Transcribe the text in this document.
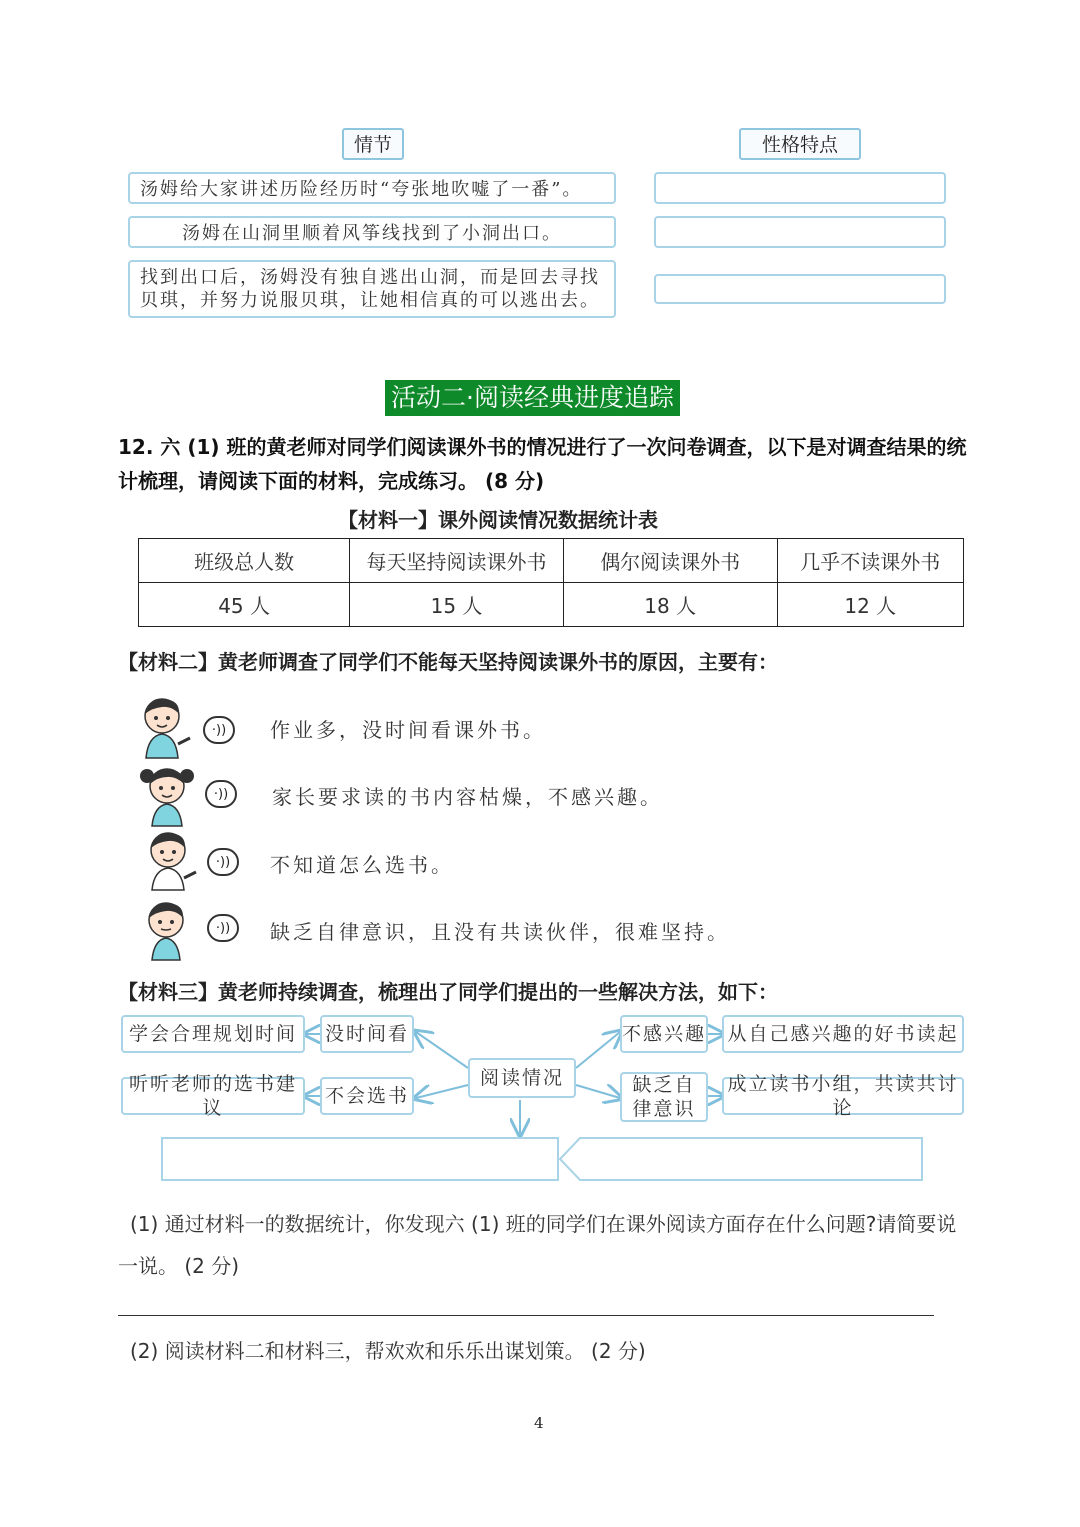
情节	性格特点
汤姆给大家讲述历险经历时“夸张地吹嘘了一番”。
汤姆在山洞里顺着风筝线找到了小洞出口。
找到出口后，汤姆没有独自逃出山洞，而是回去寻找贝琪，并努力说服贝琪，让她相信真的可以逃出去。
活动二·阅读经典进度追踪
12. 六 (1) 班的黄老师对同学们阅读课外书的情况进行了一次问卷调查，以下是对调查结果的统计梳理，请阅读下面的材料，完成练习。 (8 分)
【材料一】课外阅读情况数据统计表
班级总人数	每天坚持阅读课外书	偶尔阅读课外书	几乎不读课外书
45 人	15 人	18 人	12 人
【材料二】黄老师调查了同学们不能每天坚持阅读课外书的原因，主要有：
·))	作业多，没时间看课外书。
·))	家长要求读的书内容枯燥，不感兴趣。
·))	不知道怎么选书。
·))	缺乏自律意识，且没有共读伙伴，很难坚持。
【材料三】黄老师持续调查，梳理出了同学们提出的一些解决方法，如下：
学会合理规划时间	没时间看
听听老师的选书建议
不会选书
阅读情况
不感兴趣 从自己感兴趣的好书读起
缺乏自律意识
成立读书小组，共读共讨论
(1) 通过材料一的数据统计，你发现六 (1) 班的同学们在课外阅读方面存在什么问题?请简要说一说。 (2 分)
(2) 阅读材料二和材料三，帮欢欢和乐乐出谋划策。 (2 分)
4
